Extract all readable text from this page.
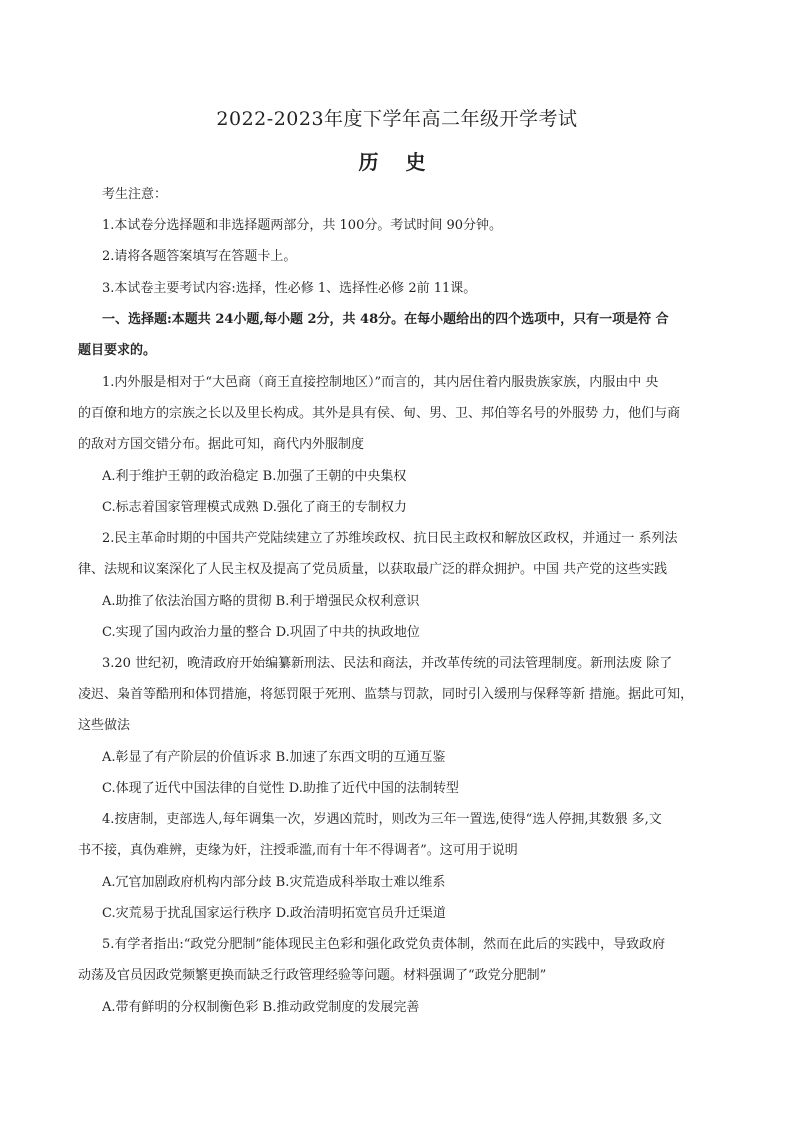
2022-2023年度下学年高二年级开学考试
历 史
考生注意：
1.本试卷分选择题和非选择题两部分，共 100分。考试时间 90分钟。
2.请将各题答案填写在答题卡上。
3.本试卷主要考试内容:选择，性必修 1、选择性必修 2前 11课。
一、选择题:本题共 24小题,每小题 2分，共 48分。在每小题给出的四个选项中，只有一项是符 合
题目要求的。
1.内外服是相对于“大邑商（商王直接控制地区）”而言的，其内居住着内服贵族家族，内服由中 央
的百僚和地方的宗族之长以及里长构成。其外是具有侯、甸、男、卫、邦伯等名号的外服势 力，他们与商
的敌对方国交错分布。据此可知，商代内外服制度
A.利于维护王朝的政治稳定 B.加强了王朝的中央集权
C.标志着国家管理模式成熟 D.强化了商王的专制权力
2.民主革命时期的中国共产党陆续建立了苏维埃政权、抗日民主政权和解放区政权，并通过一 系列法
律、法规和议案深化了人民主权及提高了党员质量，以获取最广泛的群众拥护。中国 共产党的这些实践
A.助推了依法治国方略的贯彻 B.利于增强民众权利意识
C.实现了国内政治力量的整合 D.巩固了中共的执政地位
3.20 世纪初，晚清政府开始编纂新刑法、民法和商法，并改革传统的司法管理制度。新刑法废 除了
凌迟、枭首等酷刑和体罚措施，将惩罚限于死刑、监禁与罚款，同时引入缓刑与保释等新 措施。据此可知，
这些做法
A.彰显了有产阶层的价值诉求 B.加速了东西文明的互通互鉴
C.体现了近代中国法律的自觉性 D.助推了近代中国的法制转型
4.按唐制，吏部选人,每年调集一次，岁遇凶荒时，则改为三年一置选,使得“选人停拥,其数猥 多,文
书不接，真伪难辨，吏缘为奸，注授乖滥,而有十年不得调者”。这可用于说明
A.冗官加剧政府机构内部分歧 B.灾荒造成科举取士难以维系
C.灾荒易于扰乱国家运行秩序 D.政治清明拓宽官员升迁渠道
5.有学者指出:“政党分肥制”能体现民主色彩和强化政党负责体制，然而在此后的实践中，导致政府
动荡及官员因政党频繁更换而缺乏行政管理经验等问题。材料强调了“政党分肥制”
A.带有鲜明的分权制衡色彩 B.推动政党制度的发展完善
